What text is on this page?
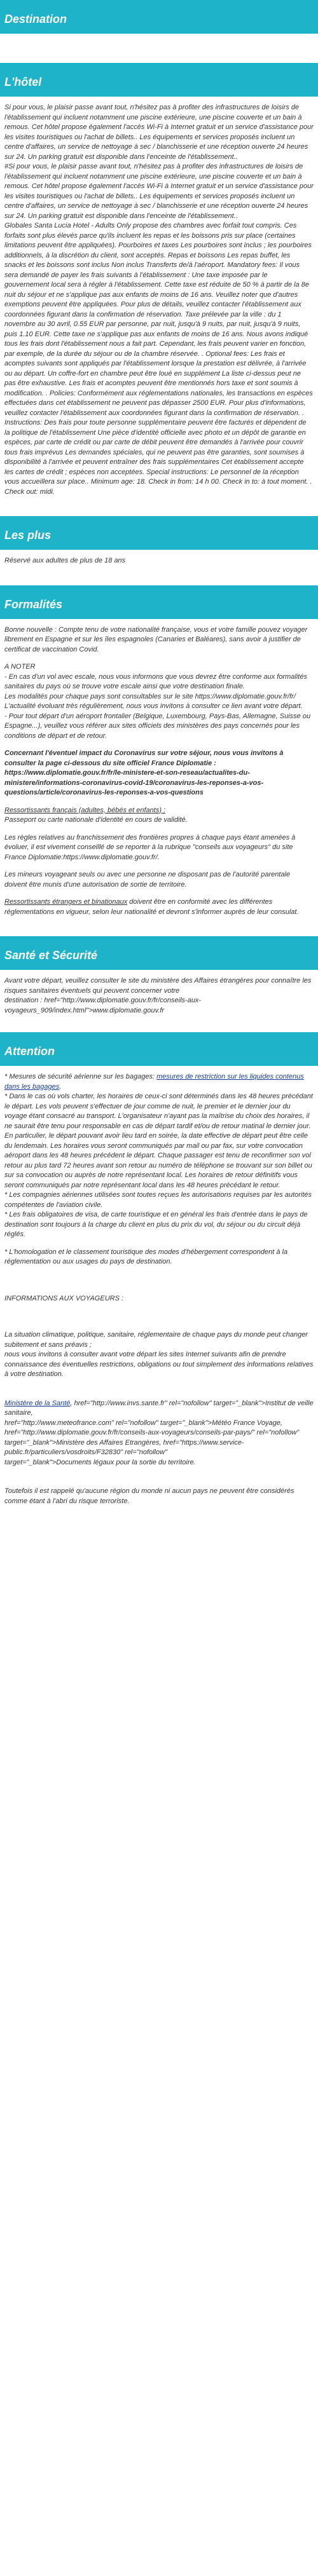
Destination
L'hôtel

Si pour vous, le plaisir passe avant tout, n'hésitez pas à profiter des infrastructures de loisirs de l'établissement qui incluent notamment une piscine extérieure, une piscine couverte et un bain à remous. Cet hôtel propose également l'accès Wi-Fi à Internet gratuit et un service d'assistance pour les visites touristiques ou l'achat de billets.. Les équipements et services proposés incluent un centre d'affaires, un service de nettoyage à sec / blanchisserie et une réception ouverte 24 heures sur 24. Un parking gratuit est disponible dans l'enceinte de l'établissement..

#Si pour vous, le plaisir passe avant tout, n'hésitez pas à profiter des infrastructures de loisirs de l'établissement qui incluent notamment une piscine extérieure, une piscine couverte et un bain à remous. Cet hôtel propose également l'accès Wi-Fi à Internet gratuit et un service d'assistance pour les visites touristiques ou l'achat de billets.. Les équipements et services proposés incluent un centre d'affaires, un service de nettoyage à sec / blanchisserie et une réception ouverte 24 heures sur 24. Un parking gratuit est disponible dans l'enceinte de l'établissement..

Globales Santa Lucia Hotel - Adults Only propose des chambres avec forfait tout compris. Ces forfaits sont plus élevés parce qu'ils incluent les repas et les boissons pris sur place (certaines limitations peuvent être appliquées). Pourboires et taxes Les pourboires sont inclus ; les pourboires additionnels, à la discrétion du client, sont acceptés. Repas et boissons Les repas buffet, les snacks et les boissons sont inclus Non inclus Transferts de/à l'aéroport. Mandatory fees: Il vous sera demandé de payer les frais suivants à l'établissement : Une taxe imposée par le gouvernement local sera à régler à l'établissement. Cette taxe est réduite de 50 % à partir de la 8e nuit du séjour et ne s'applique pas aux enfants de moins de 16 ans. Veuillez noter que d'autres exemptions peuvent être appliquées. Pour plus de détails, veuillez contacter l'établissement aux coordonnées figurant dans la confirmation de réservation. Taxe prélevée par la ville : du 1 novembre au 30 avril, 0.55 EUR par personne, par nuit, jusqu'à 9 nuits, par nuit, jusqu'à 9 nuits, puis 1.10 EUR. Cette taxe ne s'applique pas aux enfants de moins de 16 ans. Nous avons indiqué tous les frais dont l'établissement nous a fait part. Cependant, les frais peuvent varier en fonction, par exemple, de la durée du séjour ou de la chambre réservée. . Optional fees: Les frais et acomptes suivants sont appliqués par l'établissement lorsque la prestation est délivrée, à l'arrivée ou au départ. Un coffre-fort en chambre peut être loué en supplément La liste ci-dessus peut ne pas être exhaustive. Les frais et acomptes peuvent être mentionnés hors taxe et sont soumis à modification. . Policies: Conformément aux réglementations nationales, les transactions en espèces effectuées dans cet établissement ne peuvent pas dépasser 2500 EUR. Pour plus d'informations, veuillez contacter l'établissement aux coordonnées figurant dans la confirmation de réservation. . Instructions: Des frais pour toute personne supplémentaire peuvent être facturés et dépendent de la politique de l'établissement Une pièce d'identité officielle avec photo et un dépôt de garantie en espèces, par carte de crédit ou par carte de débit peuvent être demandés à l'arrivée pour couvrir tous frais imprévus Les demandes spéciales, qui ne peuvent pas être garanties, sont soumises à disponibilité à l'arrivée et peuvent entraîner des frais supplémentaires Cet établissement accepte les cartes de crédit ; espèces non acceptées. Special instructions: Le personnel de la réception vous accueillera sur place.. Minimum age: 18. Check in from: 14 h 00. Check in to: à tout moment. . Check out: midi.

Les plus

Réservé aux adultes de plus de 18 ans

Formalités

Bonne nouvelle : Compte tenu de votre nationalité française, vous et votre famille pouvez voyager librement en Espagne et sur les îles espagnoles (Canaries et Baléares), sans avoir à justifier de certificat de vaccination Covid.

A NOTER

- En cas d'un vol avec escale, nous vous informons que vous devrez être conforme aux formalités sanitaires du pays où se trouve votre escale ainsi que votre destination finale.
Les modalités pour chaque pays sont consultables sur le site https://www.diplomatie.gouv.fr/fr/ L'actualité évoluant très régulièrement, nous vous invitons à consulter ce lien avant votre départ.
- Pour tout départ d'un aéroport frontalier (Belgique, Luxembourg, Pays-Bas, Allemagne, Suisse ou Espagne...), veuillez vous référer aux sites officiels des ministères des pays concernés pour les conditions de départ et de retour.

Concernant l'éventuel impact du Coronavirus sur votre séjour, nous vous invitons à consulter la page ci-dessous du site officiel France Diplomatie : https://www.diplomatie.gouv.fr/fr/le-ministere-et-son-reseau/actualites-du-ministere/informations-coronavirus-covid-19/coronavirus-les-reponses-a-vos-questions/article/coronavirus-les-reponses-a-vos-questions

Ressortissants français (adultes, bébés et enfants) :

Passeport ou carte nationale d'identité en cours de validité.

Les règles relatives au franchissement des frontières propres à chaque pays étant amenées à évoluer, il est vivement conseillé de se reporter à la rubrique "conseils aux voyageurs" du site France Diplomatie:https://www.diplomatie.gouv.fr/.

Les mineurs voyageant seuls ou avec une personne ne disposant pas de l'autorité parentale doivent être munis d'une autorisation de sortie de territoire.

Ressortissants étrangers et binationaux doivent être en conformité avec les différentes réglementations en vigueur, selon leur nationalité et devront s'informer auprès de leur consulat.

Santé et Sécurité

Avant votre départ, veuillez consulter le site du ministère des Affaires étrangères pour connaître les risques sanitaires éventuels qui peuvent concerner votre
destination : href="http://www.diplomatie.gouv.fr/fr/conseils-aux-voyageurs_909/index.html">www.diplomatie.gouv.fr

Attention

* Mesures de sécurité aérienne sur les bagages: mesures de restriction sur les liquides contenus dans les bagages.

* Dans le cas où vols charter, les horaires de ceux-ci sont déterminés dans les 48 heures précédant le départ. Les vols peuvent s'effectuer de jour comme de nuit, le premier et le dernier jour du voyage étant consacré au transport. L'organisateur n'ayant pas la maîtrise du choix des horaires, il ne saurait être tenu pour responsable en cas de départ tardif et/ou de retour matinal le dernier jour. En particulier, le départ pouvant avoir lieu tard en soirée, la date effective de départ peut être celle du lendemain. Les horaires vous seront communiqués par mail ou par fax, sur votre convocation aéroport dans les 48 heures précédent le départ. Chaque passager est tenu de reconfirmer son vol retour au plus tard 72 heures avant son retour au numéro de téléphone se trouvant sur son billet ou sur sa convocation ou auprès de notre représentant local. Les horaires de retour définitifs vous seront communiqués par notre représentant local dans les 48 heures précédant le retour.
* Les compagnies aériennes utilisées sont toutes reçues les autorisations requises par les autorités compétentes de l'aviation civile.

* Les frais obligatoires de visa, de carte touristique et en général les frais d'entrée dans le pays de destination sont toujours à la charge du client en plus du prix du vol, du séjour ou du circuit déjà réglés.

* L'homologation et le classement touristique des modes d'hébergement correspondent à la réglementation ou aux usages du pays de destination.

INFORMATIONS AUX VOYAGEURS :

La situation climatique, politique, sanitaire, réglementaire de chaque pays du monde peut changer subitement et sans préavis ;
nous vous invitons à consulter avant votre départ les sites Internet suivants afin de prendre connaissance des éventuelles restrictions, obligations ou tout simplement des informations relatives à votre destination.

Ministère de la Santé, href="http://www.invs.sante.fr" rel="nofollow" target="_blank">Institut de veille sanitaire,
href="http://www.meteofrance.com" rel="nofollow" target="_blank">Météo France Voyage, href="http://www.diplomatie.gouv.fr/fr/conseils-aux-voyageurs/conseils-par-pays/" rel="nofollow"
target="_blank">Ministère des Affaires Etrangères, href="https://www.service-public.fr/particuliers/vosdroits/F32830" rel="nofollow"
target="_blank">Documents légaux pour la sortie du territoire.

Toutefois il est rappelé qu'aucune région du monde ni aucun pays ne peuvent être considérés comme étant à l'abri du risque terroriste.
